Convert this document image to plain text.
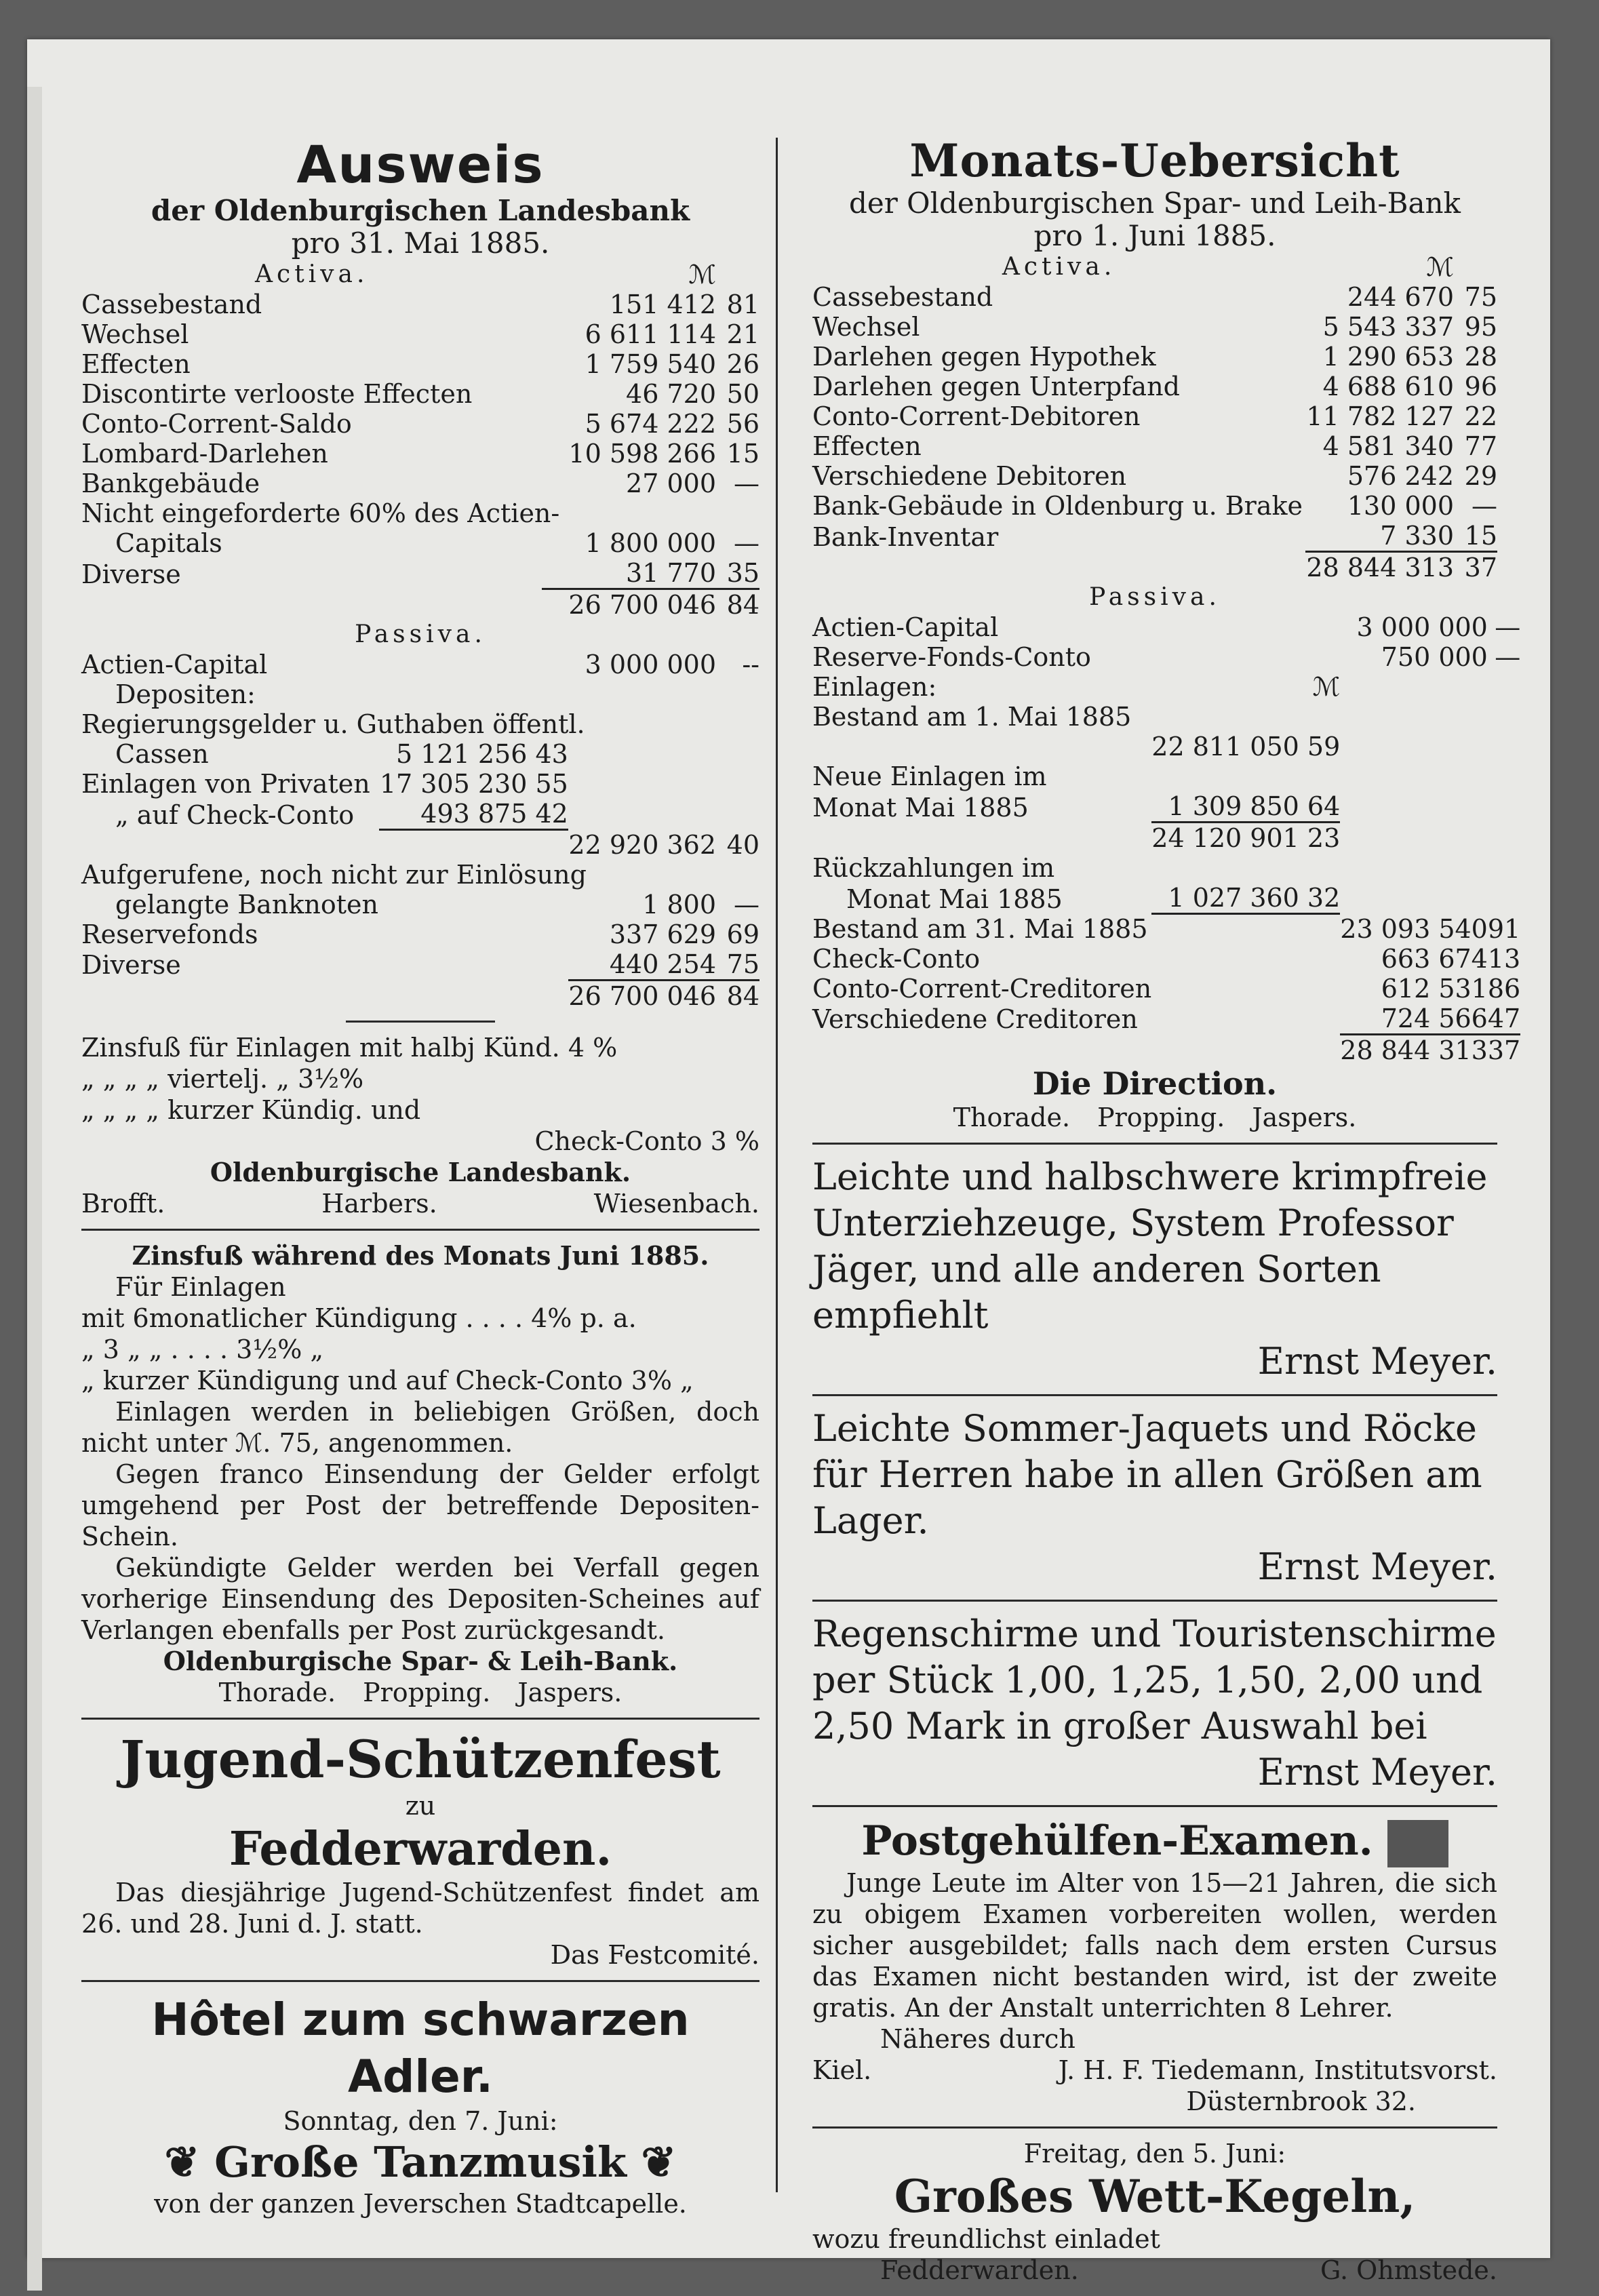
Ausweis

der Oldenburgischen Landesbank

pro 31. Mai 1885.

Activa.	ℳ	
Cassebestand	151 412	81
Wechsel	6 611 114	21
Effecten	1 759 540	26
Discontirte verlooste Effecten	46 720	50
Conto-Corrent-Saldo	5 674 222	56
Lombard-Darlehen	10 598 266	15
Bankgebäude	27 000	—
Nicht eingeforderte 60% des Actien-		
Capitals	1 800 000	—
Diverse	31 770	35
	26 700 046	84
Passiva.
Actien-Capital		3 000 000	--
Depositen:			
Regierungsgelder u. Guthaben öffentl.			
Cassen	5 121 256 43		
Einlagen von Privaten	17 305 230 55		
„ auf Check-Conto	493 875 42		
		22 920 362	40
Aufgerufene, noch nicht zur Einlösung			
gelangte Banknoten		1 800	—
Reservefonds		337 629	69
Diverse		440 254	75
		26 700 046	84

Zinsfuß für Einlagen mit halbj Künd. 4 %

„ „ „ „ viertelj. „ 3½%

„ „ „ „ kurzer Kündig. und

Check-Conto 3 %

Oldenburgische Landesbank.

Brofft.	Harbers.	Wiesenbach.

Zinsfuß während des Monats Juni 1885.

Für Einlagen

mit 6monatlicher Kündigung . . . . 4% p. a.

„ 3 „ „ . . . . 3½% „

„ kurzer Kündigung und auf Check-Conto 3% „

Einlagen werden in beliebigen Größen, doch nicht unter ℳ. 75, angenommen.

Gegen franco Einsendung der Gelder erfolgt umgehend per Post der betreffende Depositen-Schein.

Gekündigte Gelder werden bei Verfall gegen vorherige Einsendung des Depositen-Scheines auf Verlangen ebenfalls per Post zurückgesandt.

Oldenburgische Spar- & Leih-Bank.

Thorade. Propping. Jaspers.

Jugend-Schützenfest

zu

Fedderwarden.

Das diesjährige Jugend-Schützenfest findet am 26. und 28. Juni d. J. statt.

Das Festcomité.

Hôtel zum schwarzen Adler.

Sonntag, den 7. Juni:

❦ Große Tanzmusik ❦

von der ganzen Jeverschen Stadtcapelle.

Monats-Uebersicht

der Oldenburgischen Spar- und Leih-Bank

pro 1. Juni 1885.

Activa.	ℳ	
Cassebestand	244 670	75
Wechsel	5 543 337	95
Darlehen gegen Hypothek	1 290 653	28
Darlehen gegen Unterpfand	4 688 610	96
Conto-Corrent-Debitoren	11 782 127	22
Effecten	4 581 340	77
Verschiedene Debitoren	576 242	29
Bank-Gebäude in Oldenburg u. Brake	130 000	—
Bank-Inventar	7 330	15
	28 844 313	37
Passiva.
Actien-Capital		3 000 000	—
Reserve-Fonds-Conto		750 000	—
Einlagen:	ℳ		
Bestand am 1. Mai 1885			
	22 811 050 59		
Neue Einlagen im			
Monat Mai 1885	1 309 850 64		
	24 120 901 23		
Rückzahlungen im			
Monat Mai 1885	1 027 360 32		
Bestand am 31. Mai 1885		23 093 540	91
Check-Conto		663 674	13
Conto-Corrent-Creditoren		612 531	86
Verschiedene Creditoren		724 566	47
		28 844 313	37

Die Direction.

Thorade. Propping. Jaspers.

Leichte und halbschwere krimpfreie Unterziehzeuge, System Professor Jäger, und alle anderen Sorten empfiehlt

Ernst Meyer.

Leichte Sommer-Jaquets und Röcke für Herren habe in allen Größen am Lager.

Ernst Meyer.

Regenschirme und Touristenschirme per Stück 1,00, 1,25, 1,50, 2,00 und 2,50 Mark in großer Auswahl bei

Ernst Meyer.

Postgehülfen-Examen.

Junge Leute im Alter von 15—21 Jahren, die sich zu obigem Examen vorbereiten wollen, werden sicher ausgebildet; falls nach dem ersten Cursus das Examen nicht bestanden wird, ist der zweite gratis. An der Anstalt unterrichten 8 Lehrer.

Näheres durch

Kiel.	J. H. F. Tiedemann, Institutsvorst.

Düsternbrook 32.

Freitag, den 5. Juni:

Großes Wett-Kegeln,

wozu freundlichst einladet

Fedderwarden.	G. Ohmstede.
